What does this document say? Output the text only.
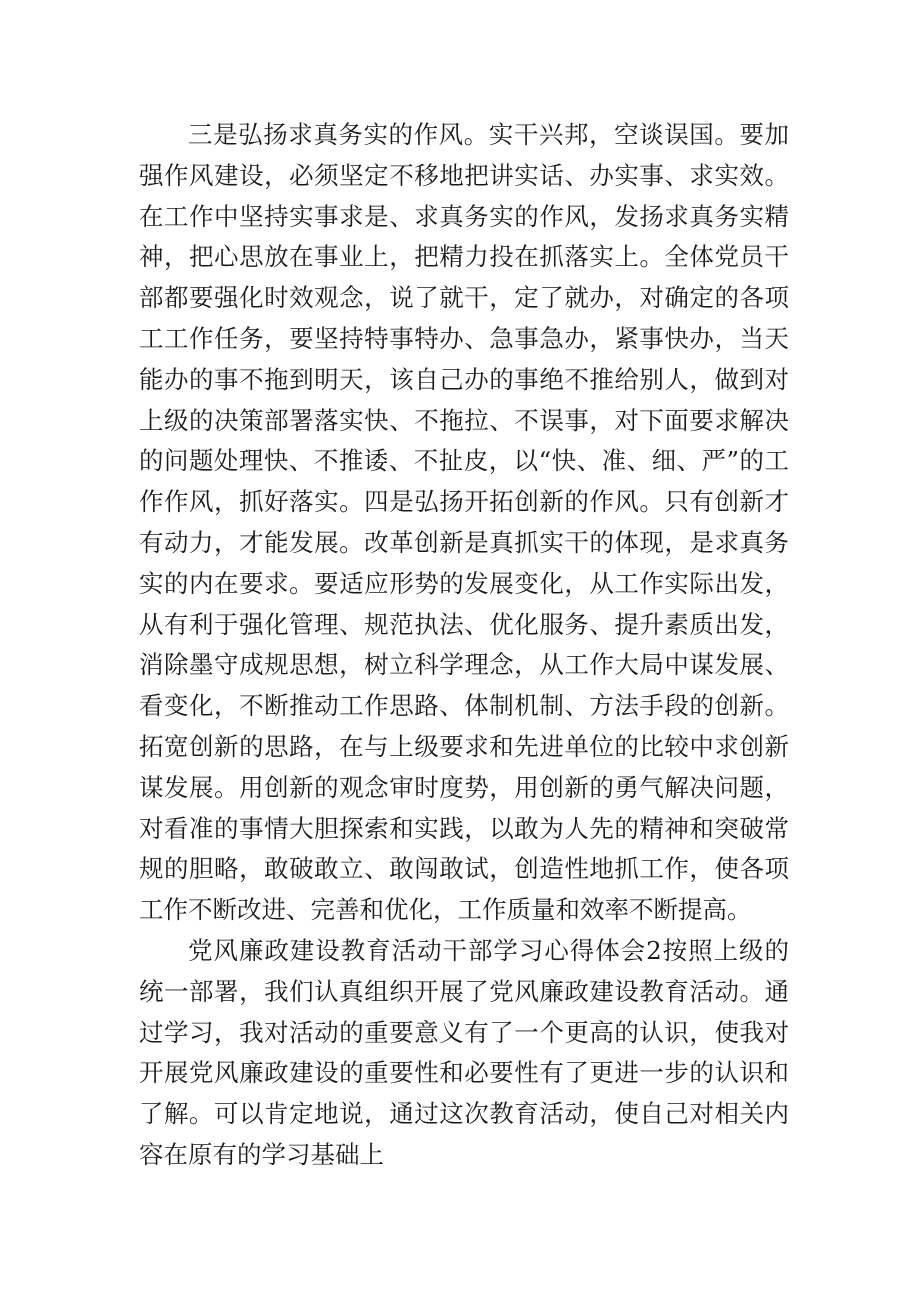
三是弘扬求真务实的作风。实干兴邦，空谈误国。要加强作风建设，必须坚定不移地把讲实话、办实事、求实效。在工作中坚持实事求是、求真务实的作风，发扬求真务实精神，把心思放在事业上，把精力投在抓落实上。全体党员干部都要强化时效观念，说了就干，定了就办，对确定的各项工工作任务，要坚持特事特办、急事急办，紧事快办，当天能办的事不拖到明天，该自己办的事绝不推给别人，做到对上级的决策部署落实快、不拖拉、不误事，对下面要求解决的问题处理快、不推诿、不扯皮，以“快、准、细、严”的工作作风，抓好落实。四是弘扬开拓创新的作风。只有创新才有动力，才能发展。改革创新是真抓实干的体现，是求真务实的内在要求。要适应形势的发展变化，从工作实际出发，从有利于强化管理、规范执法、优化服务、提升素质出发，消除墨守成规思想，树立科学理念，从工作大局中谋发展、看变化，不断推动工作思路、体制机制、方法手段的创新。拓宽创新的思路，在与上级要求和先进单位的比较中求创新谋发展。用创新的观念审时度势，用创新的勇气解决问题，对看准的事情大胆探索和实践，以敢为人先的精神和突破常规的胆略，敢破敢立、敢闯敢试，创造性地抓工作，使各项工作不断改进、完善和优化，工作质量和效率不断提高。

党风廉政建设教育活动干部学习心得体会2按照上级的统一部署，我们认真组织开展了党风廉政建设教育活动。通过学习，我对活动的重要意义有了一个更高的认识，使我对开展党风廉政建设的重要性和必要性有了更进一步的认识和了解。可以肯定地说，通过这次教育活动，使自己对相关内容在原有的学习基础上
